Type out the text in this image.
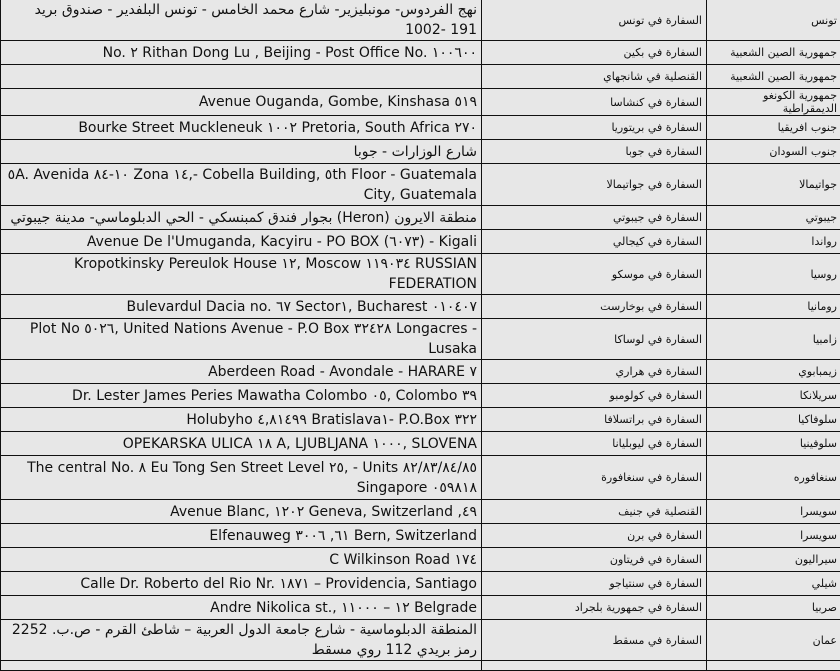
تونس	السفارة في تونس	نهج الفردوس- مونبليزير- شارع محمد الخامس - تونس البلفدير - صندوق بريد 191 -1002
جمهورية الصين الشعبية	السفارة في بكين	No. ٢ Rithan Dong Lu , Beijing - Post Office No. ١٠٠٦٠٠
جمهورية الصين الشعبية	القنصلية في شانجهاي	
جمهورية الكونغو الديمقراطية	السفارة في كنشاسا	Avenue Ouganda, Gombe, Kinshasa ٥١٩
جنوب افريقيا	السفارة في بريتوريا	Bourke Street Muckleneuk ١٠٠٢ Pretoria, South Africa ٢٧٠
جنوب السودان	السفارة في جوبا	شارع الوزارات - جوبا
جواتيمالا	السفارة في جواتيمالا	٥A. Avenida ١٠-٨٤ Zona ١٤,- Cobella Building, ٥th Floor - Guatemala City, Guatemala
جيبوتي	السفارة في جيبوتي	منطقة الايرون (Heron) بجوار فندق كمبنسكي - الحي الدبلوماسي- مدينة جيبوتي
رواندا	السفارة في كيجالي	Avenue De l'Umuganda, Kacyiru - PO BOX (٦٠٧٣) - Kigali
روسيا	السفارة في موسكو	Kropotkinsky Pereulok House ١٢, Moscow ١١٩٠٣٤ RUSSIAN FEDERATION
رومانيا	السفارة في بوخارست	Bulevardul Dacia no. ٦٧ Sector١, Bucharest ٠١٠٤٠٧
زامبيا	السفارة في لوساكا	Plot No ٥٠٢٦, United Nations Avenue - P.O Box ٣٢٤٢٨ Longacres - Lusaka
زيمبابوي	السفارة في هراري	Aberdeen Road - Avondale - HARARE ٧
سريلانكا	السفارة في كولومبو	Dr. Lester James Peries Mawatha Colombo ٠٥, Colombo ٣٩
سلوفاكيا	السفارة في براتسلافا	Holubyho ٤,٨١٤٩٩ Bratislava١- P.O.Box ٣٢٢
سلوفينيا	السفارة في ليوبليانا	OPEKARSKA ULICA ١٨ A, LJUBLJANA ١٠٠٠, SLOVENA
سنغافوره	السفارة في سنغافورة	The central No. ٨ Eu Tong Sen Street Level ٢٥, - Units ٨٢/٨٣/٨٤/٨٥ Singapore ٠٥٩٨١٨
سويسرا	القنصلية في جنيف	Avenue Blanc, ١٢٠٢ Geneva, Switzerland ,٤٩
سويسرا	السفارة في برن	Elfenauweg ٦١, ٣٠٠٦ Bern, Switzerland
سيراليون	السفارة في فريتاون	C Wilkinson Road ١٧٤
شيلي	السفارة في سنتياجو	Calle Dr. Roberto del Rio Nr. ١٨٧١ – Providencia, Santiago
صربيا	السفارة في جمهورية بلجراد	Andre Nikolica st., ١٢ – ١١٠٠٠ Belgrade
عمان	السفارة في مسقط	المنطقة الدبلوماسية - شارع جامعة الدول العربية – شاطئ القرم - ص.ب. 2252 رمز بريدي 112 روي مسقط
